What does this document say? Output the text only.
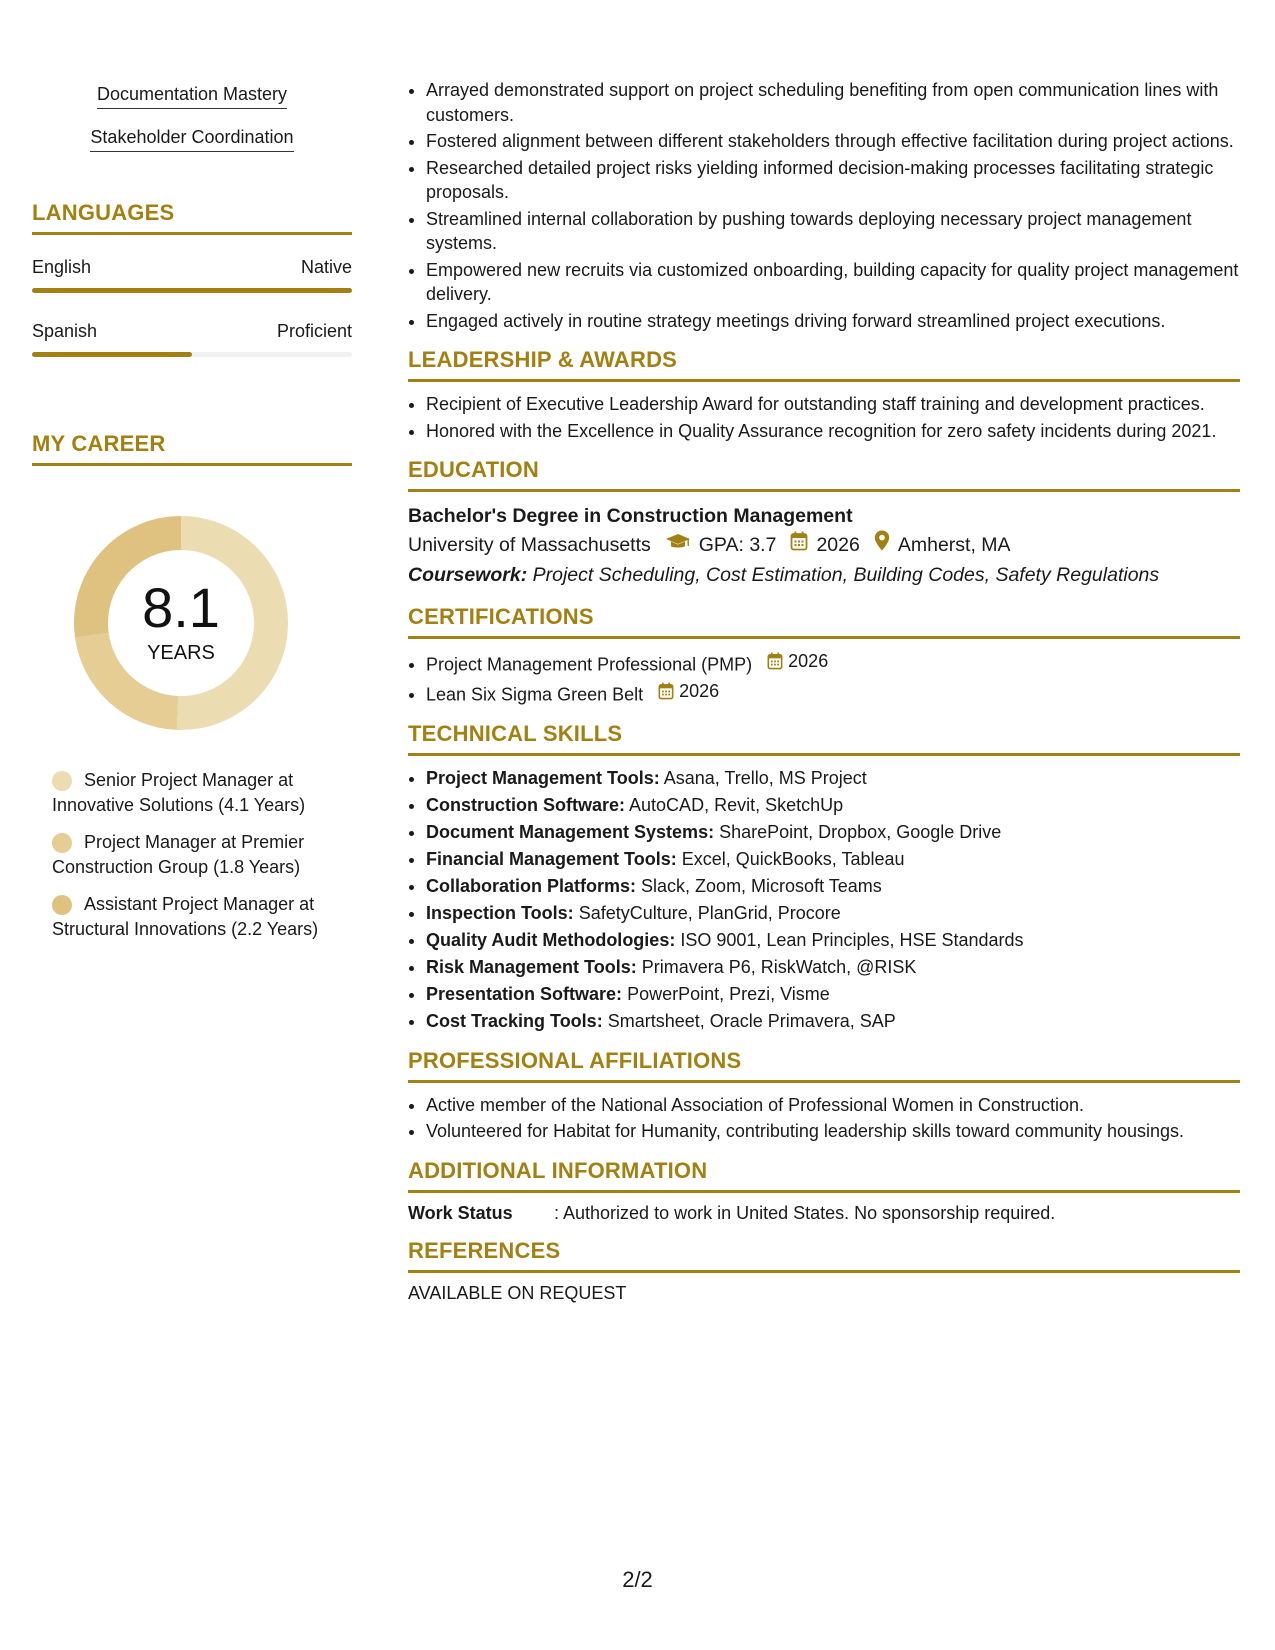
Documentation Mastery
Stakeholder Coordination
LANGUAGES
English	Native
Spanish	Proficient
MY CAREER
8.1
YEARS
Senior Project Manager at Innovative Solutions (4.1 Years)
Project Manager at Premier Construction Group (1.8 Years)
Assistant Project Manager at Structural Innovations (2.2 Years)
• Arrayed demonstrated support on project scheduling benefiting from open communication lines with customers.
• Fostered alignment between different stakeholders through effective facilitation during project actions.
• Researched detailed project risks yielding informed decision-making processes facilitating strategic proposals.
• Streamlined internal collaboration by pushing towards deploying necessary project management systems.
• Empowered new recruits via customized onboarding, building capacity for quality project management delivery.
• Engaged actively in routine strategy meetings driving forward streamlined project executions.
LEADERSHIP & AWARDS
• Recipient of Executive Leadership Award for outstanding staff training and development practices.
• Honored with the Excellence in Quality Assurance recognition for zero safety incidents during 2021.
EDUCATION
Bachelor's Degree in Construction Management
University of Massachusetts GPA: 3.7 2026 Amherst, MA
Coursework: Project Scheduling, Cost Estimation, Building Codes, Safety Regulations
CERTIFICATIONS
• Project Management Professional (PMP) 2026
• Lean Six Sigma Green Belt 2026
TECHNICAL SKILLS
• Project Management Tools: Asana, Trello, MS Project
• Construction Software: AutoCAD, Revit, SketchUp
• Document Management Systems: SharePoint, Dropbox, Google Drive
• Financial Management Tools: Excel, QuickBooks, Tableau
• Collaboration Platforms: Slack, Zoom, Microsoft Teams
• Inspection Tools: SafetyCulture, PlanGrid, Procore
• Quality Audit Methodologies: ISO 9001, Lean Principles, HSE Standards
• Risk Management Tools: Primavera P6, RiskWatch, @RISK
• Presentation Software: PowerPoint, Prezi, Visme
• Cost Tracking Tools: Smartsheet, Oracle Primavera, SAP
PROFESSIONAL AFFILIATIONS
• Active member of the National Association of Professional Women in Construction.
• Volunteered for Habitat for Humanity, contributing leadership skills toward community housings.
ADDITIONAL INFORMATION
Work Status	: Authorized to work in United States. No sponsorship required.
REFERENCES
AVAILABLE ON REQUEST
2/2
